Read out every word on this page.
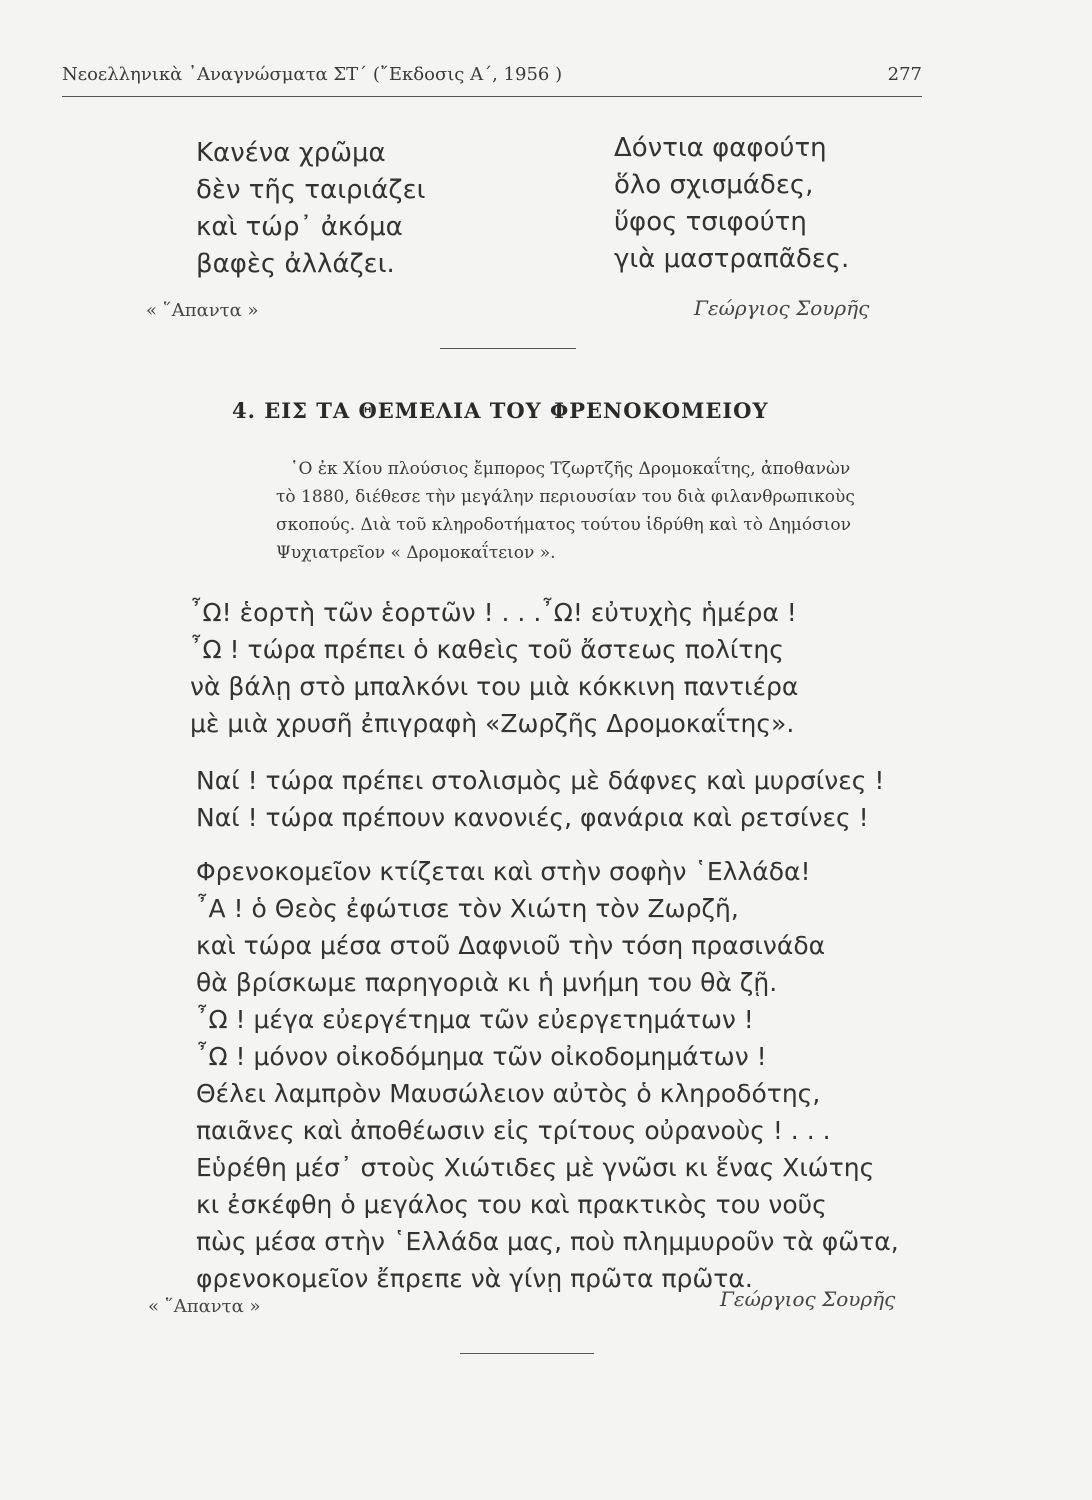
Νεοελληνικὰ ᾿Αναγνώσματα ΣΤ´ (῎Εκδοσις Α´, 1956 )	277
Κανένα χρῶμα
δὲν τῆς ταιριάζει
καὶ τώρ᾿ ἀκόμα
βαφὲς ἀλλάζει.
Δόντια φαφούτη
ὅλο σχισμάδες,
ὕφος τσιφούτη
γιὰ μαστραπᾶδες.
« ῞Απαντα »	Γεώργιος Σουρῆς
4. ΕΙΣ ΤΑ ΘΕΜΕΛΙΑ ΤΟΥ ΦΡΕΝΟΚΟΜΕΙΟΥ
῾Ο ἐκ Χίου πλούσιος ἔμπορος Τζωρτζῆς Δρομοκαΐτης, ἀποθανὼν
τὸ 1880, διέθεσε τὴν μεγάλην περιουσίαν του διὰ φιλανθρωπικοὺς
σκοπούς. Διὰ τοῦ κληροδοτήματος τούτου ἱδρύθη καὶ τὸ Δημόσιον
Ψυχιατρεῖον « Δρομοκαΐτειον ».
῏Ω! ἑορτὴ τῶν ἑορτῶν ! . . .῏Ω! εὐτυχὴς ἡμέρα !
῏Ω ! τώρα πρέπει ὁ καθεὶς τοῦ ἄστεως πολίτης
νὰ βάλῃ στὸ μπαλκόνι του μιὰ κόκκινη παντιέρα
μὲ μιὰ χρυσῆ ἐπιγραφὴ «Ζωρζῆς Δρομοκαΐτης».
Ναί ! τώρα πρέπει στολισμὸς μὲ δάφνες καὶ μυρσίνες !
Ναί ! τώρα πρέπουν κανονιές, φανάρια καὶ ρετσίνες !
Φρενοκομεῖον κτίζεται καὶ στὴν σοφὴν ῾Ελλάδα!
῏Α ! ὁ Θεὸς ἐφώτισε τὸν Χιώτη τὸν Ζωρζῆ,
καὶ τώρα μέσα στοῦ Δαφνιοῦ τὴν τόση πρασινάδα
θὰ βρίσκωμε παρηγοριὰ κι ἡ μνήμη του θὰ ζῇ.
῏Ω ! μέγα εὐεργέτημα τῶν εὐεργετημάτων !
῏Ω ! μόνον οἰκοδόμημα τῶν οἰκοδομημάτων !
Θέλει λαμπρὸν Μαυσώλειον αὐτὸς ὁ κληροδότης,
παιᾶνες καὶ ἀποθέωσιν εἰς τρίτους οὐρανοὺς ! . . .
Εὑρέθη μέσ᾿ στοὺς Χιώτιδες μὲ γνῶσι κι ἕνας Χιώτης
κι ἐσκέφθη ὁ μεγάλος του καὶ πρακτικὸς του νοῦς
πὼς μέσα στὴν ῾Ελλάδα μας, ποὺ πλημμυροῦν τὰ φῶτα,
φρενοκομεῖον ἔπρεπε νὰ γίνῃ πρῶτα πρῶτα.
« ῞Απαντα »	Γεώργιος Σουρῆς
